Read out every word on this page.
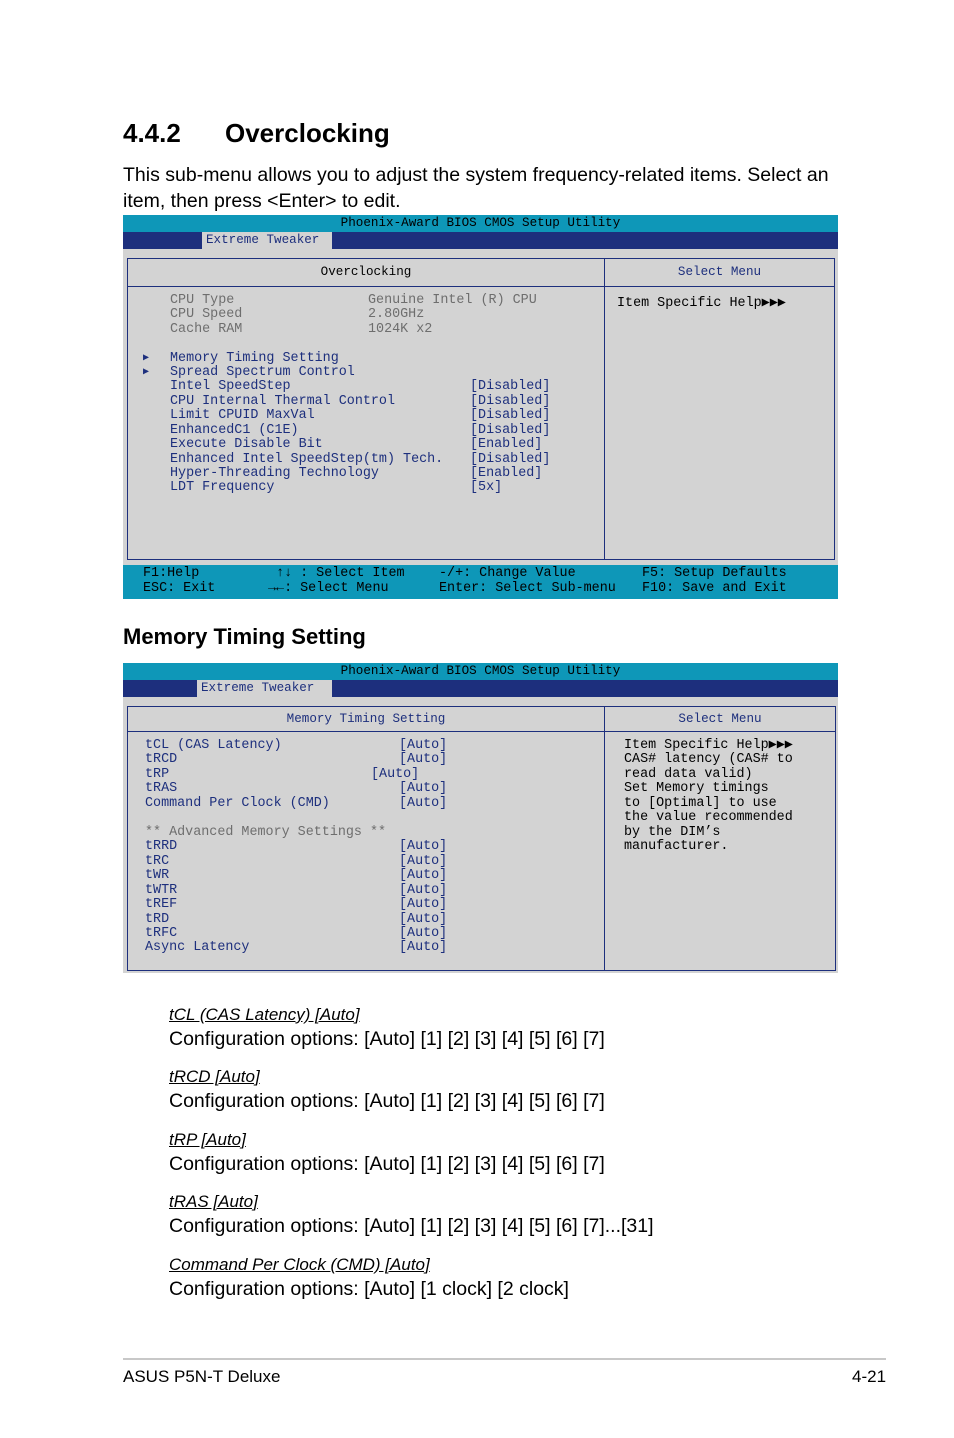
4.4.2 Overclocking
This sub-menu allows you to adjust the system frequency-related items. Select an item, then press <Enter> to edit.
Phoenix-Award BIOS CMOS Setup Utility
Extreme Tweaker
Overclocking
CPU Type	Genuine Intel (R) CPU
CPU Speed	2.80GHz
Cache RAM	1024K x2
▶ Memory Timing Setting
▶ Spread Spectrum Control
Intel SpeedStep	[Disabled]
CPU Internal Thermal Control	[Disabled]
Limit CPUID MaxVal	[Disabled]
EnhancedC1 (C1E)	[Disabled]
Execute Disable Bit	[Enabled]
Enhanced Intel SpeedStep(tm) Tech. [Disabled]
Hyper-Threading Technology	[Enabled]
LDT Frequency	[5x]
Select Menu
Item Specific Help▶▶▶
F1:Help
ESC: Exit
↑↓ : Select Item
→←: Select Menu
-/+: Change Value
Enter: Select Sub-menu
F5: Setup Defaults
F10: Save and Exit
Memory Timing Setting
Phoenix-Award BIOS CMOS Setup Utility
Extreme Tweaker
Memory Timing Setting
tCL (CAS Latency)	[Auto]
tRCD	[Auto]
tRP	[Auto]
tRAS	[Auto]
Command Per Clock (CMD)	[Auto]
** Advanced Memory Settings **
tRRD	[Auto]
tRC	[Auto]
tWR	[Auto]
tWTR	[Auto]
tREF	[Auto]
tRD	[Auto]
tRFC	[Auto]
Async Latency	[Auto]
Select Menu
Item Specific Help▶▶▶
CAS# latency (CAS# to
read data valid)
Set Memory timings
to [Optimal] to use
the value recommended
by the DIM’s
manufacturer.
tCL (CAS Latency) [Auto]
Configuration options: [Auto] [1] [2] [3] [4] [5] [6] [7]
tRCD [Auto]
Configuration options: [Auto] [1] [2] [3] [4] [5] [6] [7]
tRP [Auto]
Configuration options: [Auto] [1] [2] [3] [4] [5] [6] [7]
tRAS [Auto]
Configuration options: [Auto] [1] [2] [3] [4] [5] [6] [7]...[31]
Command Per Clock (CMD) [Auto]
Configuration options: [Auto] [1 clock] [2 clock]
ASUS P5N-T Deluxe	4-21
